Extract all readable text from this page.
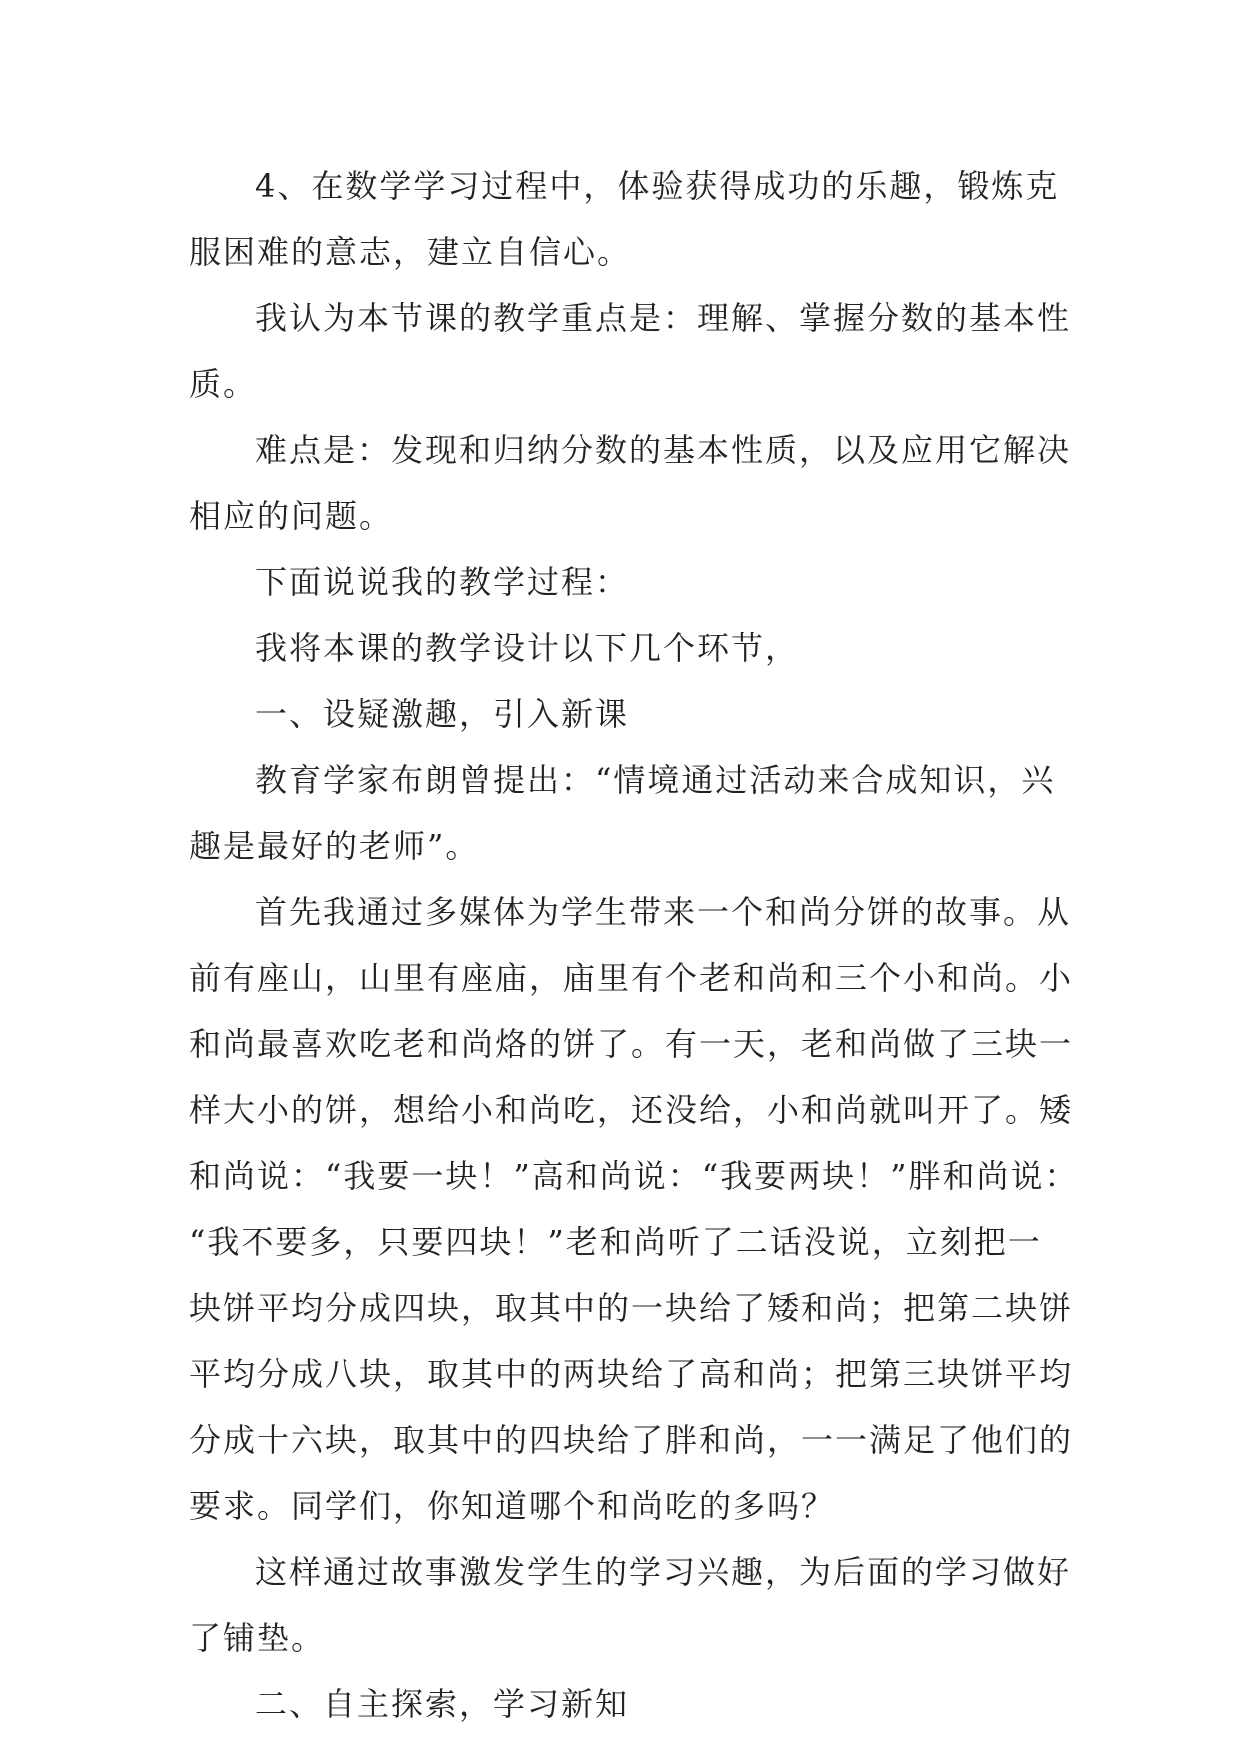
4、在数学学习过程中，体验获得成功的乐趣，锻炼克
服困难的意志，建立自信心。
我认为本节课的教学重点是：理解、掌握分数的基本性
质。
难点是：发现和归纳分数的基本性质，以及应用它解决
相应的问题。
下面说说我的教学过程：
我将本课的教学设计以下几个环节，
一、设疑激趣，引入新课
教育学家布朗曾提出：“情境通过活动来合成知识，兴
趣是最好的老师”。
首先我通过多媒体为学生带来一个和尚分饼的故事。从
前有座山，山里有座庙，庙里有个老和尚和三个小和尚。小
和尚最喜欢吃老和尚烙的饼了。有一天，老和尚做了三块一
样大小的饼，想给小和尚吃，还没给，小和尚就叫开了。矮
和尚说：“我要一块！”高和尚说：“我要两块！”胖和尚说：
“我不要多，只要四块！”老和尚听了二话没说，立刻把一
块饼平均分成四块，取其中的一块给了矮和尚；把第二块饼
平均分成八块，取其中的两块给了高和尚；把第三块饼平均
分成十六块，取其中的四块给了胖和尚，一一满足了他们的
要求。同学们，你知道哪个和尚吃的多吗？
这样通过故事激发学生的学习兴趣，为后面的学习做好
了铺垫。
二、自主探索，学习新知
